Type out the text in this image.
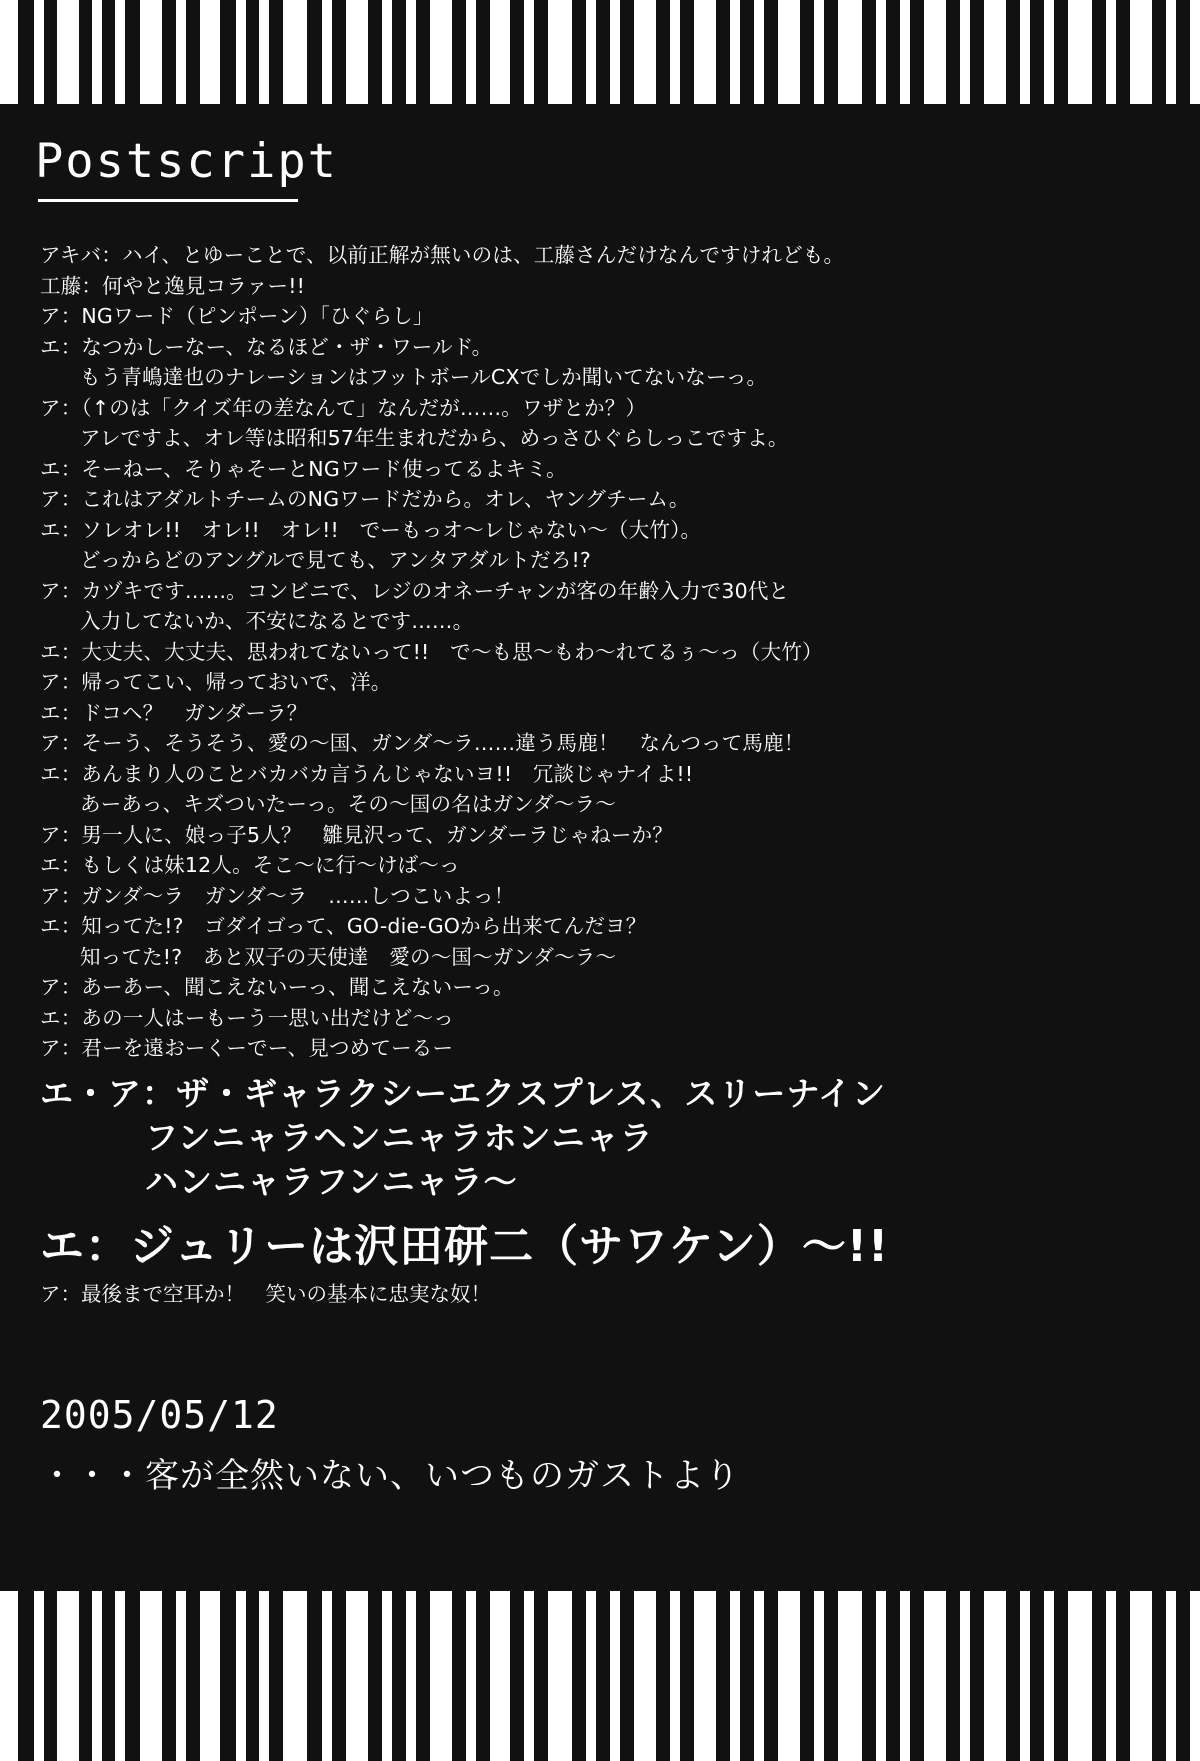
Postscript
アキバ：ハイ、とゆーことで、以前正解が無いのは、工藤さんだけなんですけれども。
工藤：何やと逸見コラァー!!
ア：NGワード（ピンポーン）「ひぐらし」
エ：なつかしーなー、なるほど・ザ・ワールド。
もう青嶋達也のナレーションはフットボールCXでしか聞いてないなーっ。
ア：（↑のは「クイズ年の差なんて」なんだが……。ワザとか？）
アレですよ、オレ等は昭和57年生まれだから、めっさひぐらしっこですよ。
エ：そーねー、そりゃそーとNGワード使ってるよキミ。
ア：これはアダルトチームのNGワードだから。オレ、ヤングチーム。
エ：ソレオレ!!　オレ!!　オレ!!　でーもっオ〜レじゃない〜（大竹）。
どっからどのアングルで見ても、アンタアダルトだろ!?
ア：カヅキです……。コンビニで、レジのオネーチャンが客の年齢入力で30代と
入力してないか、不安になるとです……。
エ：大丈夫、大丈夫、思われてないって!!　で〜も思〜もわ〜れてるぅ〜っ（大竹）
ア：帰ってこい、帰っておいで、洋。
エ：ドコヘ？　ガンダーラ？
ア：そーう、そうそう、愛の〜国、ガンダ〜ラ……違う馬鹿！　なんつって馬鹿！
エ：あんまり人のことバカバカ言うんじゃないヨ!!　冗談じゃナイよ!!
あーあっ、キズついたーっ。その〜国の名はガンダ〜ラ〜
ア：男一人に、娘っ子5人？　雛見沢って、ガンダーラじゃねーか？
エ：もしくは妹12人。そこ〜に行〜けば〜っ
ア：ガンダ〜ラ　ガンダ〜ラ　……しつこいよっ！
エ：知ってた!?　ゴダイゴって、GO-die-GOから出来てんだヨ？
知ってた!?　あと双子の天使達　愛の〜国〜ガンダ〜ラ〜
ア：あーあー、聞こえないーっ、聞こえないーっ。
エ：あの一人はーもーう一思い出だけど〜っ
ア：君ーを遠おーくーでー、見つめてーるー
エ・ア：ザ・ギャラクシーエクスプレス、スリーナイン
フンニャラヘンニャラホンニャラ
ハンニャラフンニャラ〜
エ：ジュリーは沢田研二（サワケン）〜!!
ア：最後まで空耳か！　笑いの基本に忠実な奴！
2005/05/12
・・・客が全然いない、いつものガストより
